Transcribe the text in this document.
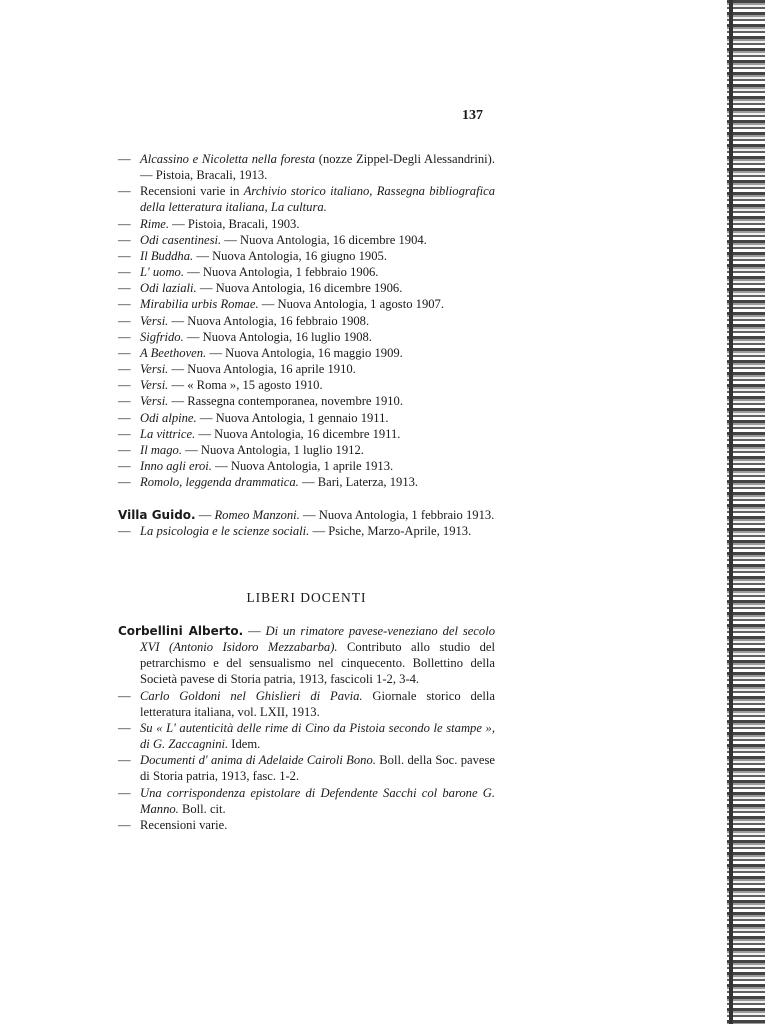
137
— Alcassino e Nicoletta nella foresta (nozze Zippel-Degli Alessandrini). — Pistoia, Bracali, 1913.
— Recensioni varie in Archivio storico italiano, Rassegna bibliografica della letteratura italiana, La cultura.
— Rime. — Pistoia, Bracali, 1903.
— Odi casentinesi. — Nuova Antologia, 16 dicembre 1904.
— Il Buddha. — Nuova Antologia, 16 giugno 1905.
— L' uomo. — Nuova Antologia, 1 febbraio 1906.
— Odi laziali. — Nuova Antologia, 16 dicembre 1906.
— Mirabilia urbis Romae. — Nuova Antologia, 1 agosto 1907.
— Versi. — Nuova Antologia, 16 febbraio 1908.
— Sigfrido. — Nuova Antologia, 16 luglio 1908.
— A Beethoven. — Nuova Antologia, 16 maggio 1909.
— Versi. — Nuova Antologia, 16 aprile 1910.
— Versi. — « Roma », 15 agosto 1910.
— Versi. — Rassegna contemporanea, novembre 1910.
— Odi alpine. — Nuova Antologia, 1 gennaio 1911.
— La vittrice. — Nuova Antologia, 16 dicembre 1911.
— Il mago. — Nuova Antologia, 1 luglio 1912.
— Inno agli eroi. — Nuova Antologia, 1 aprile 1913.
— Romolo, leggenda drammatica. — Bari, Laterza, 1913.
Villa Guido. — Romeo Manzoni. — Nuova Antologia, 1 febbraio 1913.
— La psicologia e le scienze sociali. — Psiche, Marzo-Aprile, 1913.
LIBERI DOCENTI
Corbellini Alberto. — Di un rimatore pavese-veneziano del secolo XVI (Antonio Isidoro Mezzabarba). Contributo allo studio del petrarchismo e del sensualismo nel cinquecento. Bollettino della Società pavese di Storia patria, 1913, fascicoli 1-2, 3-4.
— Carlo Goldoni nel Ghislieri di Pavia. Giornale storico della letteratura italiana, vol. LXII, 1913.
— Su « L' autenticità delle rime di Cino da Pistoia secondo le stampe », di G. Zaccagnini. Idem.
— Documenti d' anima di Adelaide Cairoli Bono. Boll. della Soc. pavese di Storia patria, 1913, fasc. 1-2.
— Una corrispondenza epistolare di Defendente Sacchi col barone G. Manno. Boll. cit.
— Recensioni varie.
